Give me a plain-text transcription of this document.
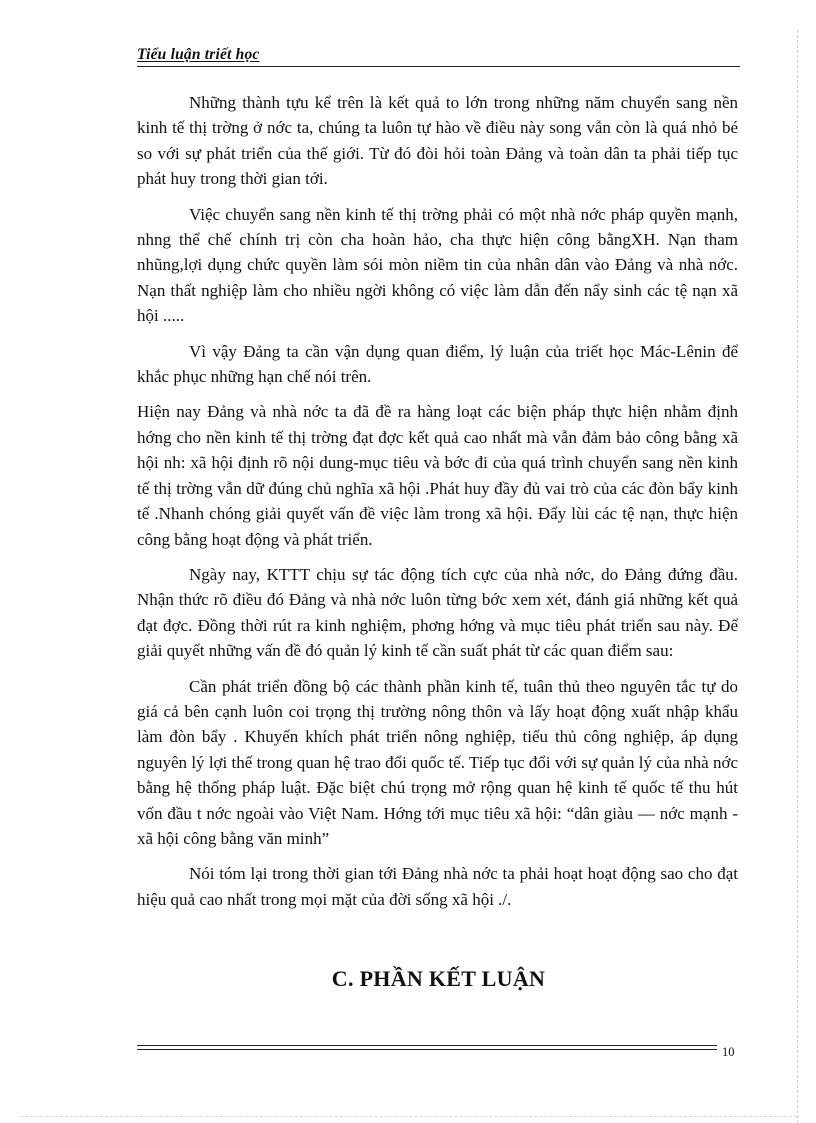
Tiểu luận triết học

Những thành tựu kể trên là kết quả to lớn trong những năm chuyển sang nền kinh tế thị trờng ở nớc ta, chúng ta luôn tự hào về điều này song vẫn còn là quá nhỏ bé so với sự phát triển của thế giới. Từ đó đòi hỏi toàn Đảng và toàn dân ta phải tiếp tục phát huy trong thời gian tới.

Việc chuyển sang nền kinh tế thị trờng phải có một nhà nớc pháp quyền mạnh, nhng thể chế chính trị còn cha hoàn hảo, cha thực hiện công bằngXH. Nạn tham nhũng,lợi dụng chức quyền làm sói mòn niềm tin của nhân dân vào Đảng và nhà nớc. Nạn thất nghiệp làm cho nhiều ngời không có việc làm dẫn đến nẩy sinh các tệ nạn xã hội .....

Vì vậy Đảng ta cần vận dụng quan điểm, lý luận của triết học Mác-Lênin để khắc phục những hạn chế nói trên.

Hiện nay Đảng và nhà nớc ta đã đề ra hàng loạt các biện pháp thực hiện nhằm định hớng cho nền kinh tế thị trờng đạt đợc kết quả cao nhất mà vẫn đảm bảo công bằng xã hội nh: xã hội định rõ nội dung-mục tiêu và bớc đi của quá trình chuyển sang nền kinh tế thị trờng vẫn dữ đúng chủ nghĩa xã hội .Phát huy đầy đủ vai trò của các đòn bẩy kinh tế .Nhanh chóng giải quyết vấn đề việc làm trong xã hội. Đẩy lùi các tệ nạn, thực hiện công bằng hoạt động và phát triển.

Ngày nay, KTTT chịu sự tác động tích cực của nhà nớc, do Đảng đứng đầu. Nhận thức rõ điều đó Đảng và nhà nớc luôn từng bớc xem xét, đánh giá những kết quả đạt đợc. Đồng thời rút ra kinh nghiệm, phơng hớng và mục tiêu phát triển sau này. Để giải quyết những vấn đề đó quản lý kinh tế cần suất phát từ các quan điểm sau:

Cần phát triển đồng bộ các thành phần kinh tế, tuân thủ theo nguyên tắc tự do giá cả bên cạnh luôn coi trọng thị trường nông thôn và lấy hoạt động xuất nhập khẩu làm đòn bẩy . Khuyến khích phát triển nông nghiệp, tiểu thủ công nghiệp, áp dụng nguyên lý lợi thế trong quan hệ trao đổi quốc tế. Tiếp tục đổi với sự quản lý của nhà nớc bằng hệ thống pháp luật. Đặc biệt chú trọng mở rộng quan hệ kinh tế quốc tế thu hút vốn đầu t nớc ngoài vào Việt Nam. Hớng tới mục tiêu xã hội: “dân giàu — nớc mạnh -xã hội công bằng văn minh”

Nói tóm lại trong thời gian tới Đảng nhà nớc ta phải hoạt hoạt động sao cho đạt hiệu quả cao nhất trong mọi mặt của đời sống xã hội ./.

C. PHẦN KẾT LUẬN
10
